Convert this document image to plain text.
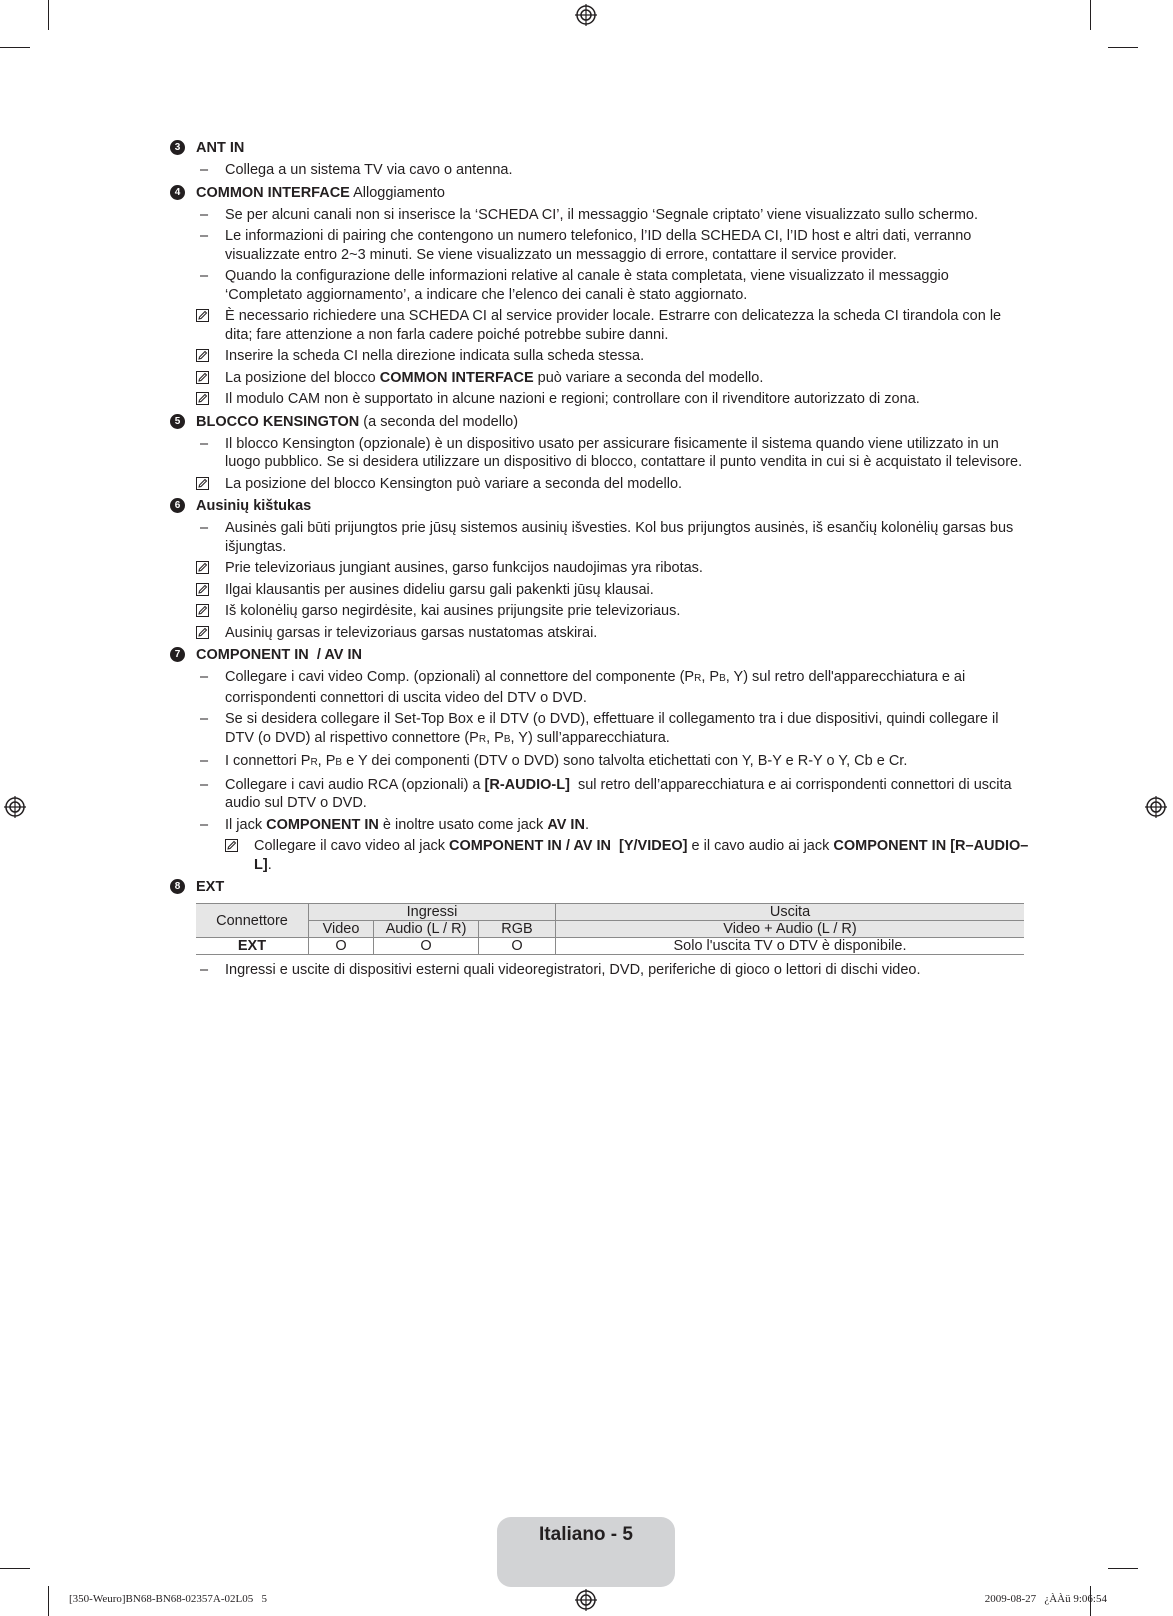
3	ANT IN
– Collega a un sistema TV via cavo o antenna.
4	COMMON INTERFACE Alloggiamento
– Se per alcuni canali non si inserisce la ‘SCHEDA CI’, il messaggio ‘Segnale criptato’ viene visualizzato sullo schermo.
– Le informazioni di pairing che contengono un numero telefonico, l’ID della SCHEDA CI, l’ID host e altri dati, verranno visualizzate entro 2~3 minuti. Se viene visualizzato un messaggio di errore, contattare il service provider.
– Quando la configurazione delle informazioni relative al canale è stata completata, viene visualizzato il messaggio ‘Completato aggiornamento’, a indicare che l’elenco dei canali è stato aggiornato.
È necessario richiedere una SCHEDA CI al service provider locale. Estrarre con delicatezza la scheda CI tirandola con le dita; fare attenzione a non farla cadere poiché potrebbe subire danni.
Inserire la scheda CI nella direzione indicata sulla scheda stessa.
La posizione del blocco COMMON INTERFACE può variare a seconda del modello.
Il modulo CAM non è supportato in alcune nazioni e regioni; controllare con il rivenditore autorizzato di zona.
5	BLOCCO KENSINGTON (a seconda del modello)
– Il blocco Kensington (opzionale) è un dispositivo usato per assicurare fisicamente il sistema quando viene utilizzato in un luogo pubblico. Se si desidera utilizzare un dispositivo di blocco, contattare il punto vendita in cui si è acquistato il televisore.
La posizione del blocco Kensington può variare a seconda del modello.
6	Ausinių kištukas
– Ausinės gali būti prijungtos prie jūsų sistemos ausinių išvesties. Kol bus prijungtos ausinės, iš esančių kolonėlių garsas bus išjungtas.
Prie televizoriaus jungiant ausines, garso funkcijos naudojimas yra ribotas.
Ilgai klausantis per ausines dideliu garsu gali pakenkti jūsų klausai.
Iš kolonėlių garso negirdėsite, kai ausines prijungsite prie televizoriaus.
Ausinių garsas ir televizoriaus garsas nustatomas atskirai.
7	COMPONENT IN  / AV IN
– Collegare i cavi video Comp. (opzionali) al connettore del componente (PR, PB, Y) sul retro dell'apparecchiatura e ai corrispondenti connettori di uscita video del DTV o DVD.
– Se si desidera collegare il Set-Top Box e il DTV (o DVD), effettuare il collegamento tra i due dispositivi, quindi collegare il DTV (o DVD) al rispettivo connettore (PR, PB, Y) sull’apparecchiatura.
– I connettori PR, PB e Y dei componenti (DTV o DVD) sono talvolta etichettati con Y, B-Y e R-Y o Y, Cb e Cr.
– Collegare i cavi audio RCA (opzionali) a [R-AUDIO-L]  sul retro dell’apparecchiatura e ai corrispondenti connettori di uscita audio sul DTV o DVD.
– Il jack COMPONENT IN è inoltre usato come jack AV IN.
Collegare il cavo video al jack COMPONENT IN / AV IN  [Y/VIDEO] e il cavo audio ai jack COMPONENT IN [R–AUDIO–L].
8	EXT
Connettore	Ingressi			Uscita
	Video	Audio (L / R)	RGB	Video + Audio (L / R)
EXT	O	O	O	Solo l'uscita TV o DTV è disponibile.
– Ingressi e uscite di dispositivi esterni quali videoregistratori, DVD, periferiche di gioco o lettori di dischi video.
Italiano - 5
[350-Weuro]BN68-BN68-02357A-02L05   5	2009-08-27   ¿ÀÀü 9:06:54
